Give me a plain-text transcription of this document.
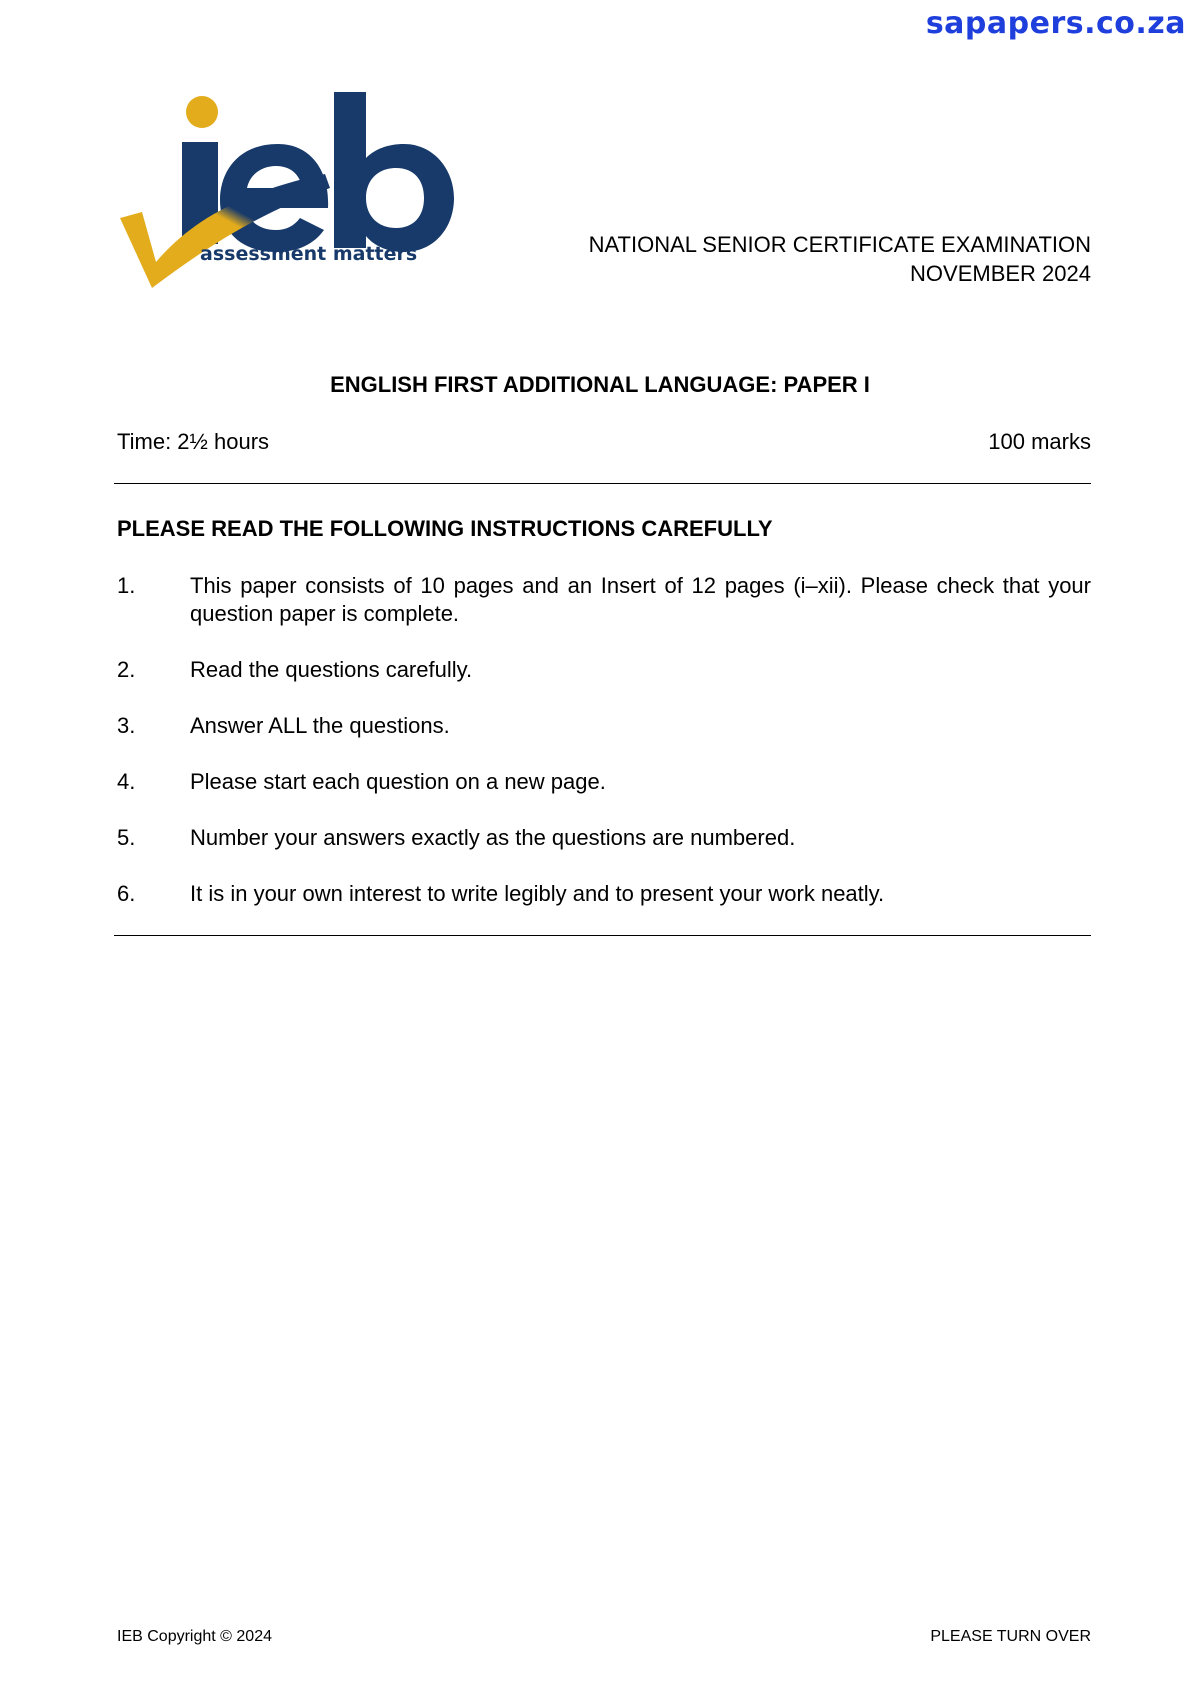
sapapers.co.za
assessment matters	NATIONAL SENIOR CERTIFICATE EXAMINATION
NOVEMBER 2024
ENGLISH FIRST ADDITIONAL LANGUAGE: PAPER I
Time: 2½ hours	100 marks
PLEASE READ THE FOLLOWING INSTRUCTIONS CAREFULLY
1.	This paper consists of 10 pages and an Insert of 12 pages (i–xii). Please check that your question paper is complete.
2.	Read the questions carefully.
3.	Answer ALL the questions.
4.	Please start each question on a new page.
5.	Number your answers exactly as the questions are numbered.
6.	It is in your own interest to write legibly and to present your work neatly.
IEB Copyright © 2024	PLEASE TURN OVER
